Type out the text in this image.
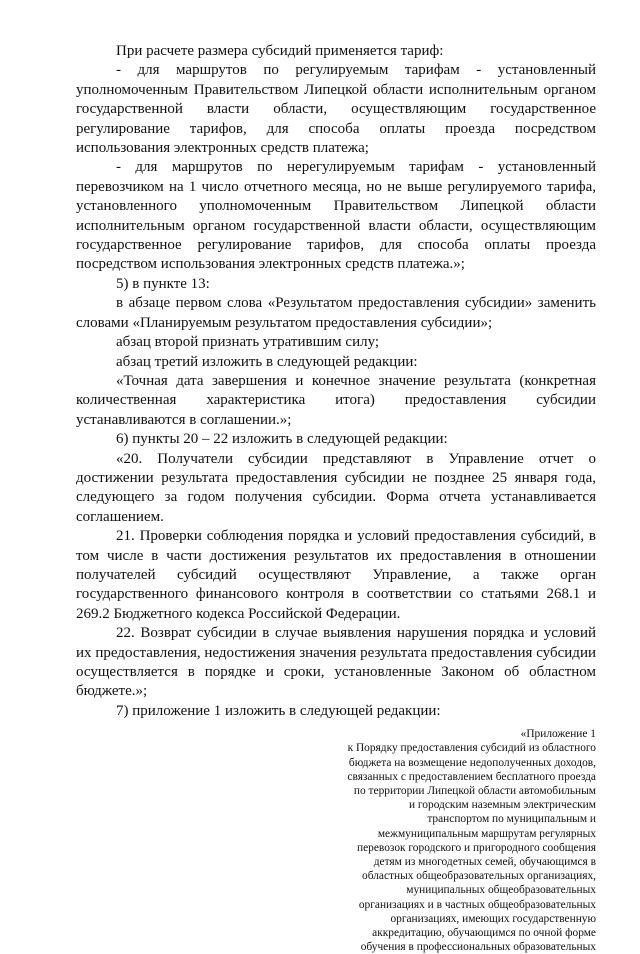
При расчете размера субсидий применяется тариф:

- для маршрутов по регулируемым тарифам - установленный уполномоченным Правительством Липецкой области исполнительным органом государственной власти области, осуществляющим государственное регулирование тарифов, для способа оплаты проезда посредством использования электронных средств платежа;

- для маршрутов по нерегулируемым тарифам - установленный перевозчиком на 1 число отчетного месяца, но не выше регулируемого тарифа, установленного уполномоченным Правительством Липецкой области исполнительным органом государственной власти области, осуществляющим государственное регулирование тарифов, для способа оплаты проезда посредством использования электронных средств платежа.»;

5) в пункте 13:

в абзаце первом слова «Результатом предоставления субсидии» заменить словами «Планируемым результатом предоставления субсидии»;

абзац второй признать утратившим силу;

абзац третий изложить в следующей редакции:

«Точная дата завершения и конечное значение результата (конкретная количественная характеристика итога) предоставления субсидии устанавливаются в соглашении.»;

6) пункты 20 – 22 изложить в следующей редакции:

«20. Получатели субсидии представляют в Управление отчет о достижении результата предоставления субсидии не позднее 25 января года, следующего за годом получения субсидии. Форма отчета устанавливается соглашением.

21. Проверки соблюдения порядка и условий предоставления субсидий, в том числе в части достижения результатов их предоставления в отношении получателей субсидий осуществляют Управление, а также орган государственного финансового контроля в соответствии со статьями 268.1 и 269.2 Бюджетного кодекса Российской Федерации.

22. Возврат субсидии в случае выявления нарушения порядка и условий их предоставления, недостижения значения результата предоставления субсидии осуществляется в порядке и сроки, установленные Законом об областном бюджете.»;

7) приложение 1 изложить в следующей редакции:

«Приложение 1
к Порядку предоставления субсидий из областного
бюджета на возмещение недополученных доходов,
связанных с предоставлением бесплатного проезда
по территории Липецкой области автомобильным
и городским наземным электрическим
транспортом по муниципальным и
межмуниципальным маршрутам регулярных
перевозок городского и пригородного сообщения
детям из многодетных семей, обучающимся в
областных общеобразовательных организациях,
муниципальных общеобразовательных
организациях и в частных общеобразовательных
организациях, имеющих государственную
аккредитацию, обучающимся по очной форме
обучения в профессиональных образовательных
